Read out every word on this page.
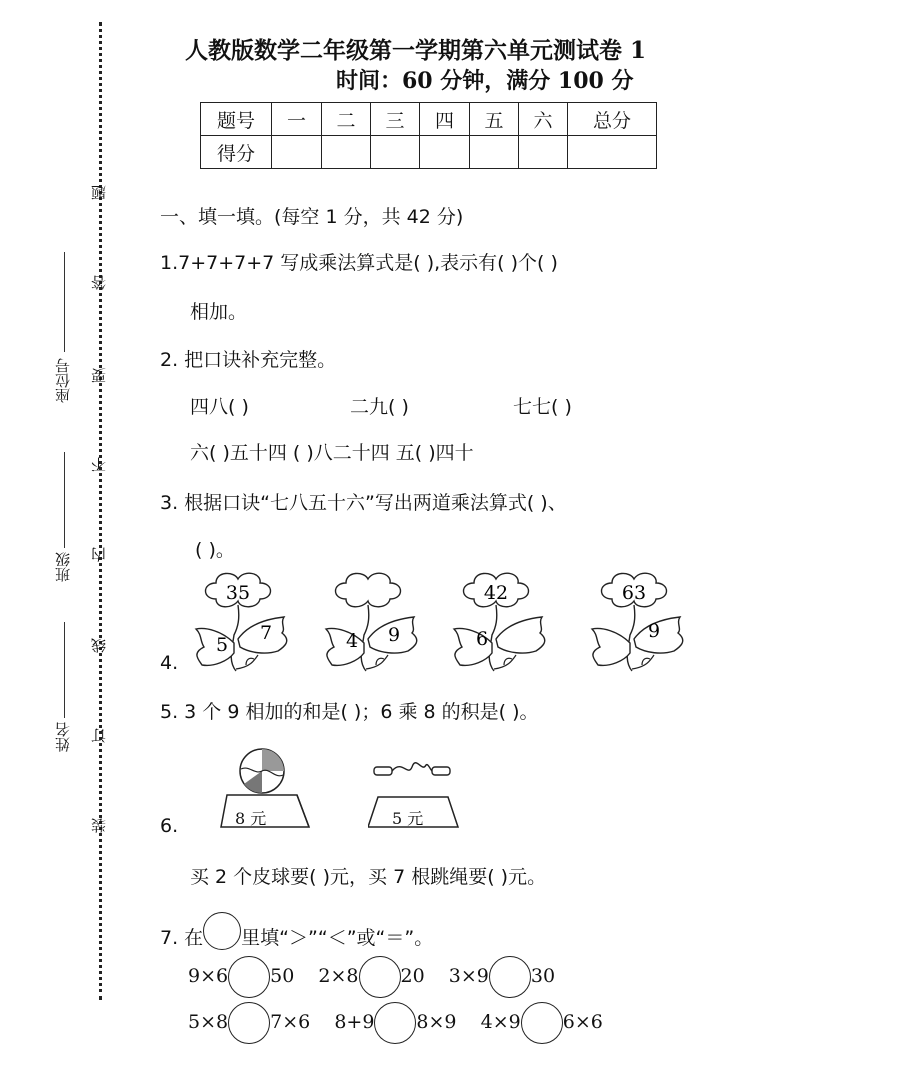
座位号
班级
姓名
题
答
要
不
内
线
订
装
人教版数学二年级第一学期第六单元测试卷 1
时间：60 分钟，满分 100 分
题号	一	二	三	四	五	六	总分
得分							
一、填一填。(每空 1 分，共 42 分)
1.7+7+7+7 写成乘法算式是( ),表示有( )个( )
相加。
2. 把口诀补充完整。
四八( )	二九( )	七七( )
六( )五十四 ( )八二十四 五( )四十
3. 根据口诀“七八五十六”写出两道乘法算式( )、
( )。
4.
35
5
7	4 9
42
6
63
9
5. 3 个 9 相加的和是( )；6 乘 8 的积是( )。
6.	8 元	5 元
买 2 个皮球要( )元，买 7 根跳绳要( )元。
7. 在 里填“＞”“＜”或“＝”。
9×6 50 2×8 20 3×9 30
5×8 7×6 8+9 8×9 4×9 6×6
